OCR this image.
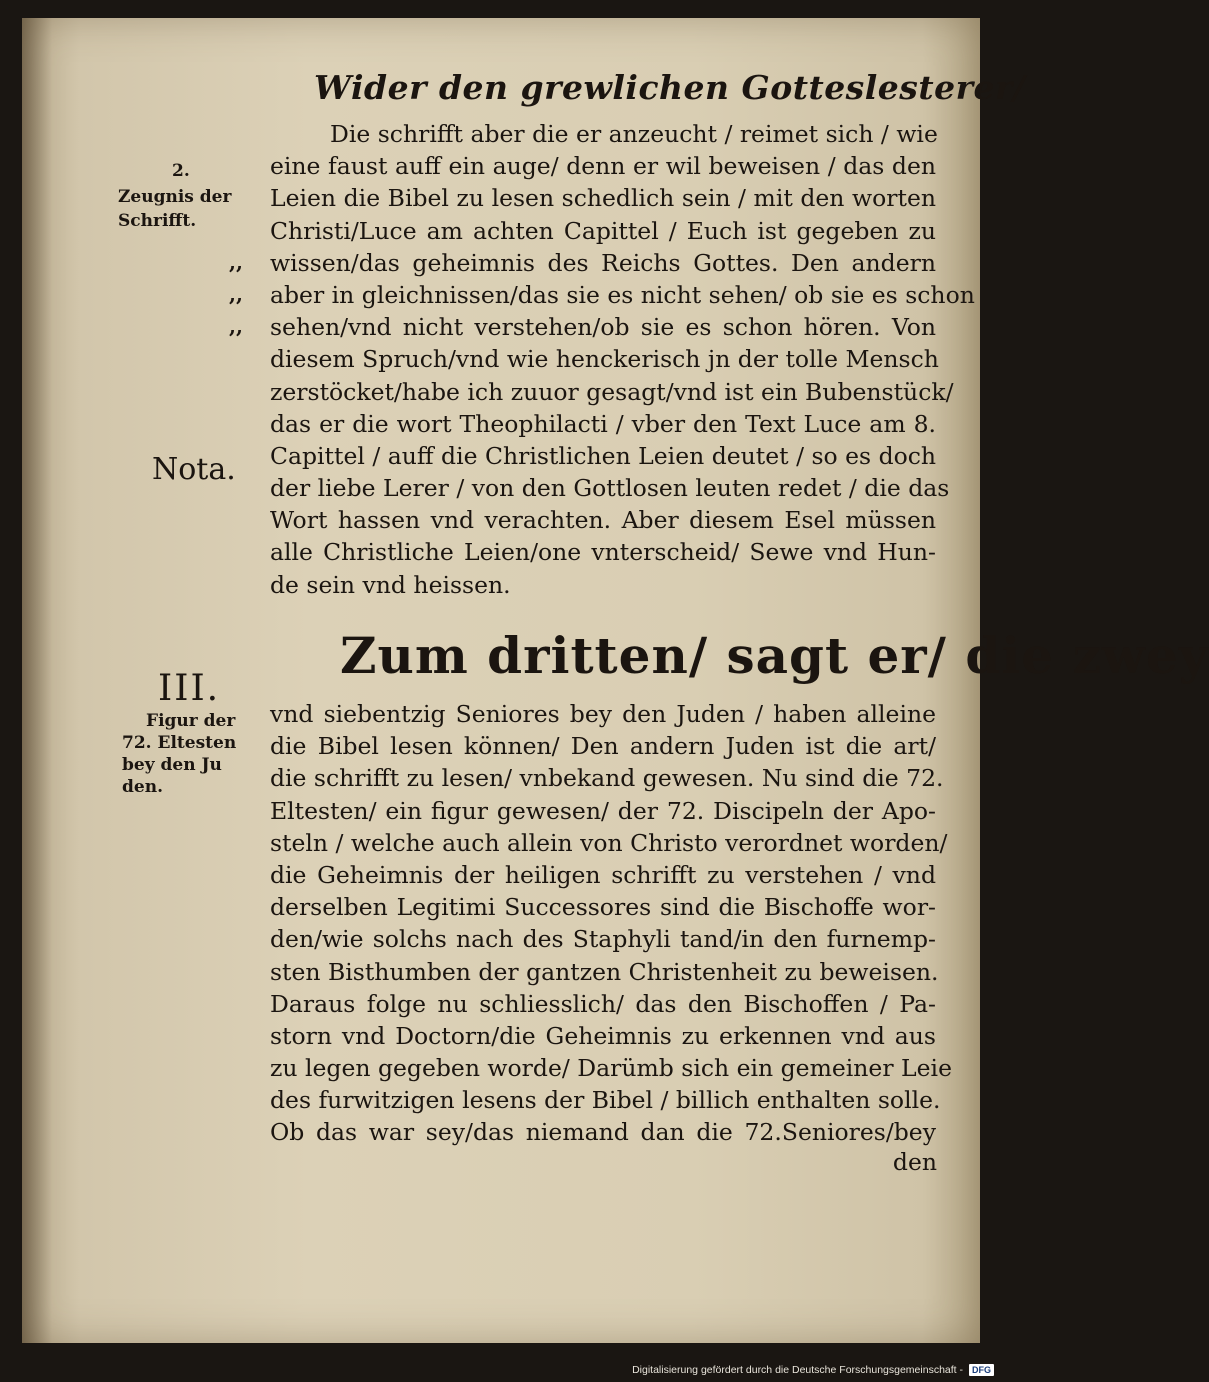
Wider den grewlichen Gotteslesterer/
2.
Zeugnis der
Schrifft.
,,
,,
,,
Nota.
III.
Figur der
72. Eltesten
bey den Ju
den.
Die schrifft aber die er anzeucht / reimet sich / wie
eine faust auff ein auge/ denn er wil beweisen / das den
Leien die Bibel zu lesen schedlich sein / mit den worten
Christi/Luce am achten Capittel / Euch ist gegeben zu
wissen/das geheimnis des Reichs Gottes. Den andern
aber in gleichnissen/das sie es nicht sehen/ ob sie es schon
sehen/vnd nicht verstehen/ob sie es schon hören. Von
diesem Spruch/vnd wie henckerisch jn der tolle Mensch
zerstöcket/habe ich zuuor gesagt/vnd ist ein Bubenstück/
das er die wort Theophilacti / vber den Text Luce am 8.
Capittel / auff die Christlichen Leien deutet / so es doch
der liebe Lerer / von den Gottlosen leuten redet / die das
Wort hassen vnd verachten. Aber diesem Esel müssen
alle Christliche Leien/one vnterscheid/ Sewe vnd Hun-
de sein vnd heissen.
Zum dritten/ sagt er/ die zwey
vnd siebentzig Seniores bey den Juden / haben alleine
die Bibel lesen können/ Den andern Juden ist die art/
die schrifft zu lesen/ vnbekand gewesen. Nu sind die 72.
Eltesten/ ein figur gewesen/ der 72. Discipeln der Apo-
steln / welche auch allein von Christo verordnet worden/
die Geheimnis der heiligen schrifft zu verstehen / vnd
derselben Legitimi Successores sind die Bischoffe wor-
den/wie solchs nach des Staphyli tand/in den furnemp-
sten Bisthumben der gantzen Christenheit zu beweisen.
Daraus folge nu schliesslich/ das den Bischoffen / Pa-
storn vnd Doctorn/die Geheimnis zu erkennen vnd aus
zu legen gegeben worde/ Darümb sich ein gemeiner Leie
des furwitzigen lesens der Bibel / billich enthalten solle.
Ob das war sey/das niemand dan die 72.Seniores/bey
den
Digitalisierung gefördert durch die Deutsche Forschungsgemeinschaft -	DFG
